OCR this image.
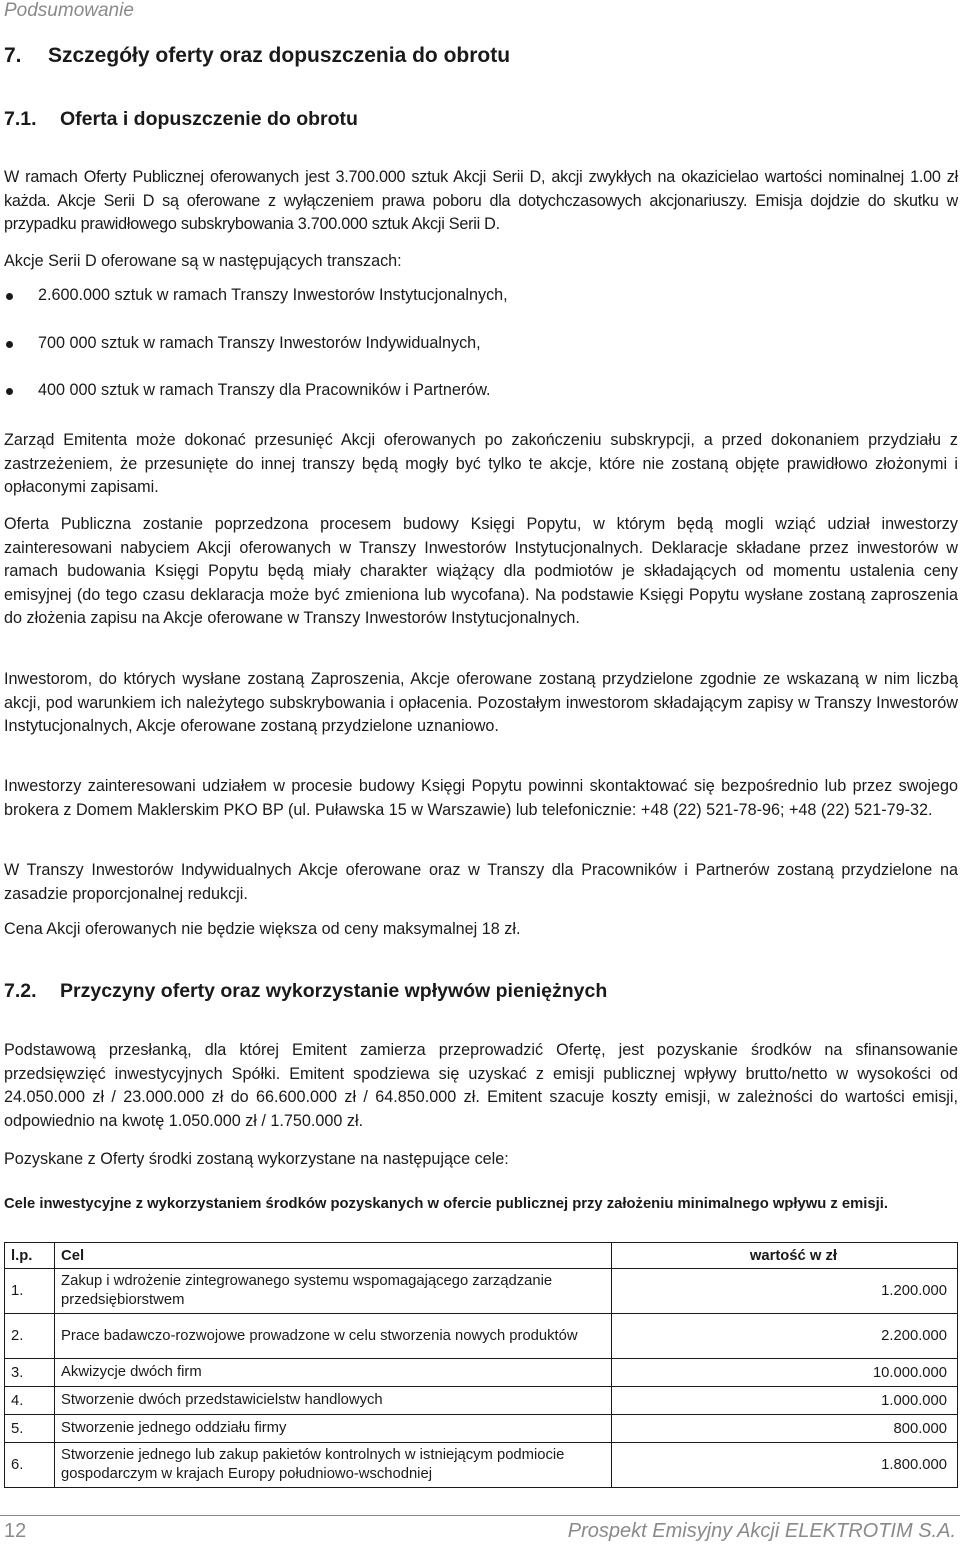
Podsumowanie
7. Szczegóły oferty oraz dopuszczenia do obrotu
7.1. Oferta i dopuszczenie do obrotu

W ramach Oferty Publicznej oferowanych jest 3.700.000 sztuk Akcji Serii D, akcji zwykłych na okazicielao wartości nominalnej 1.00 zł każda. Akcje Serii D są oferowane z wyłączeniem prawa poboru dla dotychczasowych akcjonariuszy. Emisja dojdzie do skutku w przypadku prawidłowego subskrybowania 3.700.000 sztuk Akcji Serii D.

Akcje Serii D oferowane są w następujących transzach:

2.600.000 sztuk w ramach Transzy Inwestorów Instytucjonalnych,
700 000 sztuk w ramach Transzy Inwestorów Indywidualnych,
400 000 sztuk w ramach Transzy dla Pracowników i Partnerów.

Zarząd Emitenta może dokonać przesunięć Akcji oferowanych po zakończeniu subskrypcji, a przed dokonaniem przydziału z zastrzeżeniem, że przesunięte do innej transzy będą mogły być tylko te akcje, które nie zostaną objęte prawidłowo złożonymi i opłaconymi zapisami.

Oferta Publiczna zostanie poprzedzona procesem budowy Księgi Popytu, w którym będą mogli wziąć udział inwestorzy zainteresowani nabyciem Akcji oferowanych w Transzy Inwestorów Instytucjonalnych. Deklaracje składane przez inwestorów w ramach budowania Księgi Popytu będą miały charakter wiążący dla podmiotów je składających od momentu ustalenia ceny emisyjnej (do tego czasu deklaracja może być zmieniona lub wycofana). Na podstawie Księgi Popytu wysłane zostaną zaproszenia do złożenia zapisu na Akcje oferowane w Transzy Inwestorów Instytucjonalnych.

Inwestorom, do których wysłane zostaną Zaproszenia, Akcje oferowane zostaną przydzielone zgodnie ze wskazaną w nim liczbą akcji, pod warunkiem ich należytego subskrybowania i opłacenia. Pozostałym inwestorom składającym zapisy w Transzy Inwestorów Instytucjonalnych, Akcje oferowane zostaną przydzielone uznaniowo.

Inwestorzy zainteresowani udziałem w procesie budowy Księgi Popytu powinni skontaktować się bezpośrednio lub przez swojego brokera z Domem Maklerskim PKO BP (ul. Puławska 15 w Warszawie) lub telefonicznie: +48 (22) 521-78-96; +48 (22) 521-79-32.

W Transzy Inwestorów Indywidualnych Akcje oferowane oraz w Transzy dla Pracowników i Partnerów zostaną przydzielone na zasadzie proporcjonalnej redukcji.

Cena Akcji oferowanych nie będzie większa od ceny maksymalnej 18 zł.

7.2. Przyczyny oferty oraz wykorzystanie wpływów pieniężnych

Podstawową przesłanką, dla której Emitent zamierza przeprowadzić Ofertę, jest pozyskanie środków na sfinansowanie przedsięwzięć inwestycyjnych Spółki. Emitent spodziewa się uzyskać z emisji publicznej wpływy brutto/netto w wysokości od 24.050.000 zł / 23.000.000 zł do 66.600.000 zł / 64.850.000 zł. Emitent szacuje koszty emisji, w zależności do wartości emisji, odpowiednio na kwotę 1.050.000 zł / 1.750.000 zł.

Pozyskane z Oferty środki zostaną wykorzystane na następujące cele:

Cele inwestycyjne z wykorzystaniem środków pozyskanych w ofercie publicznej przy założeniu minimalnego wpływu z emisji.
l.p.	Cel	wartość w zł
1.	Zakup i wdrożenie zintegrowanego systemu wspomagającego zarządzanie przedsiębiorstwem	1.200.000
2.	Prace badawczo-rozwojowe prowadzone w celu stworzenia nowych produktów	2.200.000
3.	Akwizycje dwóch firm	10.000.000
4.	Stworzenie dwóch przedstawicielstw handlowych	1.000.000
5.	Stworzenie jednego oddziału firmy	800.000
6.	Stworzenie jednego lub zakup pakietów kontrolnych w istniejącym podmiocie gospodarczym w krajach Europy południowo-wschodniej	1.800.000
12	Prospekt Emisyjny Akcji ELEKTROTIM S.A.
